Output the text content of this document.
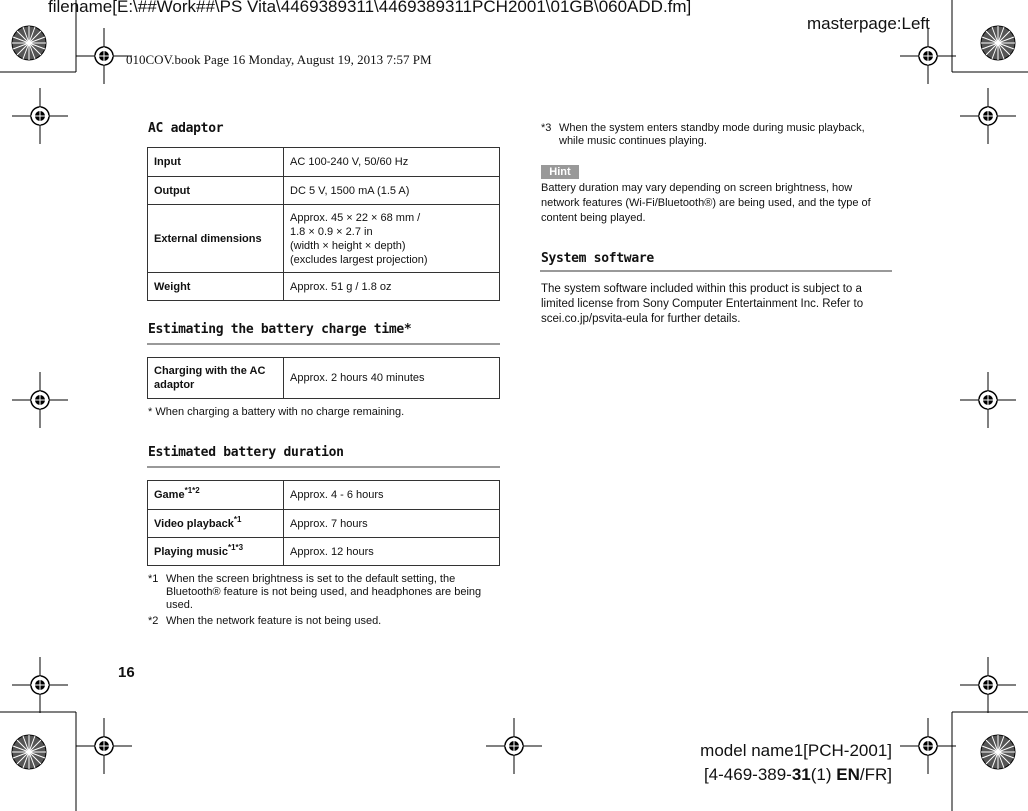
filename[E:\##Work##\PS Vita\4469389311\4469389311PCH2001\01GB\060ADD.fm]
masterpage:Left
010COV.book Page 16 Monday, August 19, 2013 7:57 PM
AC adaptor
Input	AC 100-240 V, 50/60 Hz
Output	DC 5 V, 1500 mA (1.5 A)
External dimensions	Approx. 45 × 22 × 68 mm /
1.8 × 0.9 × 2.7 in
(width × height × depth)
(excludes largest projection)

Weight	Approx. 51 g / 1.8 oz
Estimating the battery charge time*
Charging with the AC
adaptor
	Approx. 2 hours 40 minutes
* When charging a battery with no charge remaining.
Estimated battery duration
Game$^{*1*2}$	Approx. 4 - 6 hours
Video playback$^{*1}$	Approx. 7 hours
Playing music$^{*1*3}$	Approx. 12 hours
*1 When the screen brightness is set to the default setting, the
Bluetooth® feature is not being used, and headphones are being
used.
*2 When the network feature is not being used.
*3 When the system enters standby mode during music playback,
while music continues playing.
Hint
Battery duration may vary depending on screen brightness, how
network features (Wi-Fi/Bluetooth®) are being used, and the type of
content being played.
System software
The system software included within this product is subject to a
limited license from Sony Computer Entertainment Inc. Refer to
scei.co.jp/psvita-eula for further details.
16
model name1[PCH-2001]
[4-469-389-31(1) EN/FR]
